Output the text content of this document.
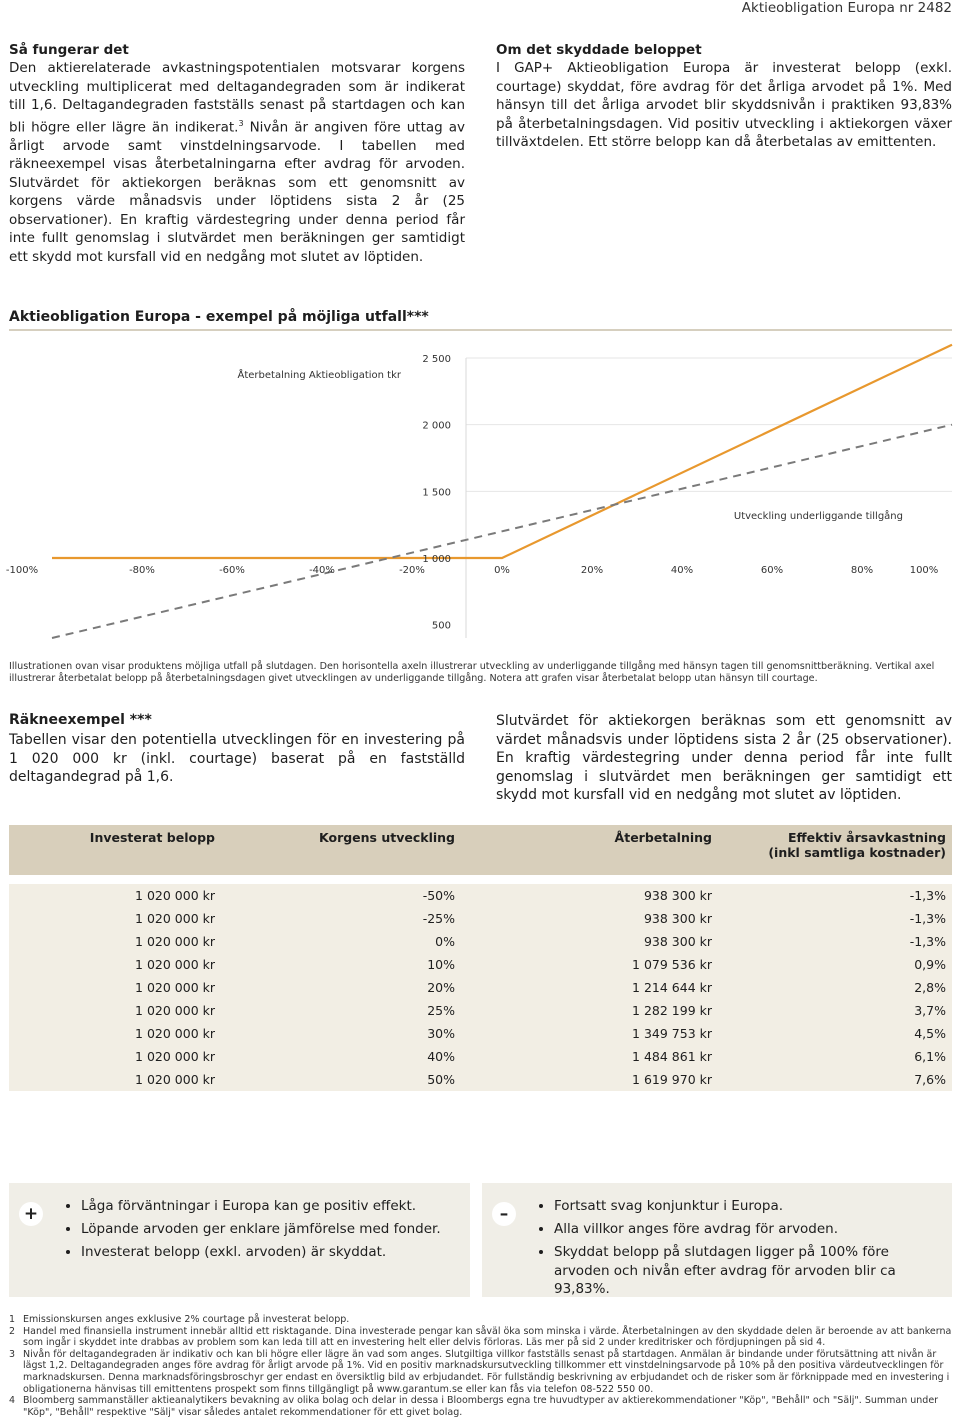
Aktieobligation Europa nr 2482
Så fungerar det

Den aktierelaterade avkastningspotentialen motsvarar korgens utveckling multiplicerat med deltagandegraden som är indikerat till 1,6. Deltagandegraden fastställs senast på startdagen och kan bli högre eller lägre än indikerat.$^3$ Nivån är angiven före uttag av årligt arvode samt vinstdelningsarvode. I tabellen med räkneexempel visas återbetalningarna efter avdrag för arvoden. Slutvärdet för aktiekorgen beräknas som ett genomsnitt av korgens värde månadsvis under löptidens sista 2 år (25 observationer). En kraftig värdestegring under denna period får inte fullt genomslag i slutvärdet men beräkningen ger samtidigt ett skydd mot kursfall vid en nedgång mot slutet av löptiden.

Om det skyddade beloppet

I GAP+ Aktieobligation Europa är investerat belopp (exkl. courtage) skyddat, före avdrag för det årliga arvodet på 1%. Med hänsyn till det årliga arvodet blir skyddsnivån i praktiken 93,83% på återbetalningsdagen. Vid positiv utveckling i aktiekorgen växer tillväxtdelen. Ett större belopp kan då återbetalas av emittenten.

Aktieobligation Europa - exempel på möjliga utfall***
-100%	-80%	-60%	-40%	-20%	0%	20%	40%	60%	80%	100%
2 500
2 000
1 500
1 000
500
Återbetalning Aktieobligation tkr
Utveckling underliggande tillgång
Illustrationen ovan visar produktens möjliga utfall på slutdagen. Den horisontella axeln illustrerar utveckling av underliggande tillgång med hänsyn tagen till genomsnittberäkning. Vertikal axel illustrerar återbetalat belopp på återbetalningsdagen givet utvecklingen av underliggande tillgång. Notera att grafen visar återbetalat belopp utan hänsyn till courtage.
Räkneexempel ***
Tabellen visar den potentiella utvecklingen för en investering på 1 020 000 kr (inkl. courtage) baserat på en fastställd deltagandegrad på 1,6.
Slutvärdet för aktiekorgen beräknas som ett genomsnitt av värdet månadsvis under löptidens sista 2 år (25 observationer). En kraftig värdestegring under denna period får inte fullt genomslag i slutvärdet men beräkningen ger samtidigt ett skydd mot kursfall vid en nedgång mot slutet av löptiden.
Investerat belopp	Korgens utveckling	Återbetalning	Effektiv årsavkastning
(inkl samtliga kostnader)

1 020 000 kr	-50%	938 300 kr	-1,3%
1 020 000 kr	-25%	938 300 kr	-1,3%
1 020 000 kr	0%	938 300 kr	-1,3%
1 020 000 kr	10%	1 079 536 kr	0,9%
1 020 000 kr	20%	1 214 644 kr	2,8%
1 020 000 kr	25%	1 282 199 kr	3,7%
1 020 000 kr	30%	1 349 753 kr	4,5%
1 020 000 kr	40%	1 484 861 kr	6,1%
1 020 000 kr	50%	1 619 970 kr	7,6%
+	• Låga förväntningar i Europa kan ge positiv effekt.
• Löpande arvoden ger enklare jämförelse med fonder.
• Investerat belopp (exkl. arvoden) är skyddat.
–	• Fortsatt svag konjunktur i Europa.
• Alla villkor anges före avdrag för arvoden.
• Skyddat belopp på slutdagen ligger på 100% före arvoden och nivån efter avdrag för arvoden blir ca 93,83%.
1 Emissionskursen anges exklusive 2% courtage på investerat belopp.
2 Handel med finansiella instrument innebär alltid ett risktagande. Dina investerade pengar kan såväl öka som minska i värde. Återbetalningen av den skyddade delen är beroende av att bankerna som ingår i skyddet inte drabbas av problem som kan leda till att en investering helt eller delvis förloras. Läs mer på sid 2 under kreditrisker och fördjupningen på sid 4.
3 Nivån för deltagandegraden är indikativ och kan bli högre eller lägre än vad som anges. Slutgiltiga villkor fastställs senast på startdagen. Anmälan är bindande under förutsättning att nivån är lägst 1,2. Deltagandegraden anges före avdrag för årligt arvode på 1%. Vid en positiv marknadskursutveckling tillkommer ett vinstdelningsarvode på 10% på den positiva värdeutvecklingen för marknadskursen. Denna marknadsföringsbroschyr ger endast en översiktlig bild av erbjudandet. För fullständig beskrivning av erbjudandet och de risker som är förknippade med en investering i obligationerna hänvisas till emittentens prospekt som finns tillgängligt på www.garantum.se eller kan fås via telefon 08-522 550 00.
4 Bloomberg sammanställer aktieanalytikers bevakning av olika bolag och delar in dessa i Bloombergs egna tre huvudtyper av aktierekommendationer "Köp", "Behåll" och "Sälj". Summan under "Köp", "Behåll" respektive "Sälj" visar således antalet rekommendationer för ett givet bolag.
